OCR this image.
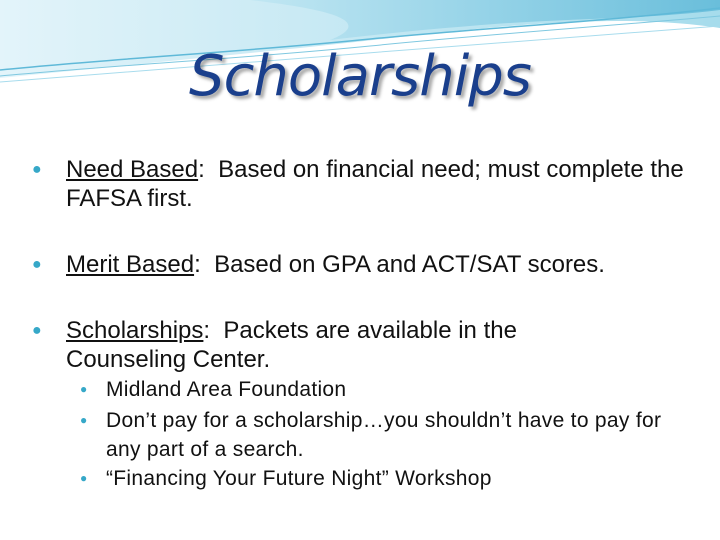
Scholarships
● Need Based:  Based on financial need; must complete the FAFSA first.
● Merit Based:  Based on GPA and ACT/SAT scores.
● Scholarships:  Packets are available in the Counseling Center.
● Midland Area Foundation
● Don’t pay for a scholarship…you shouldn’t have to pay for any part of a search.
● “Financing Your Future Night” Workshop
